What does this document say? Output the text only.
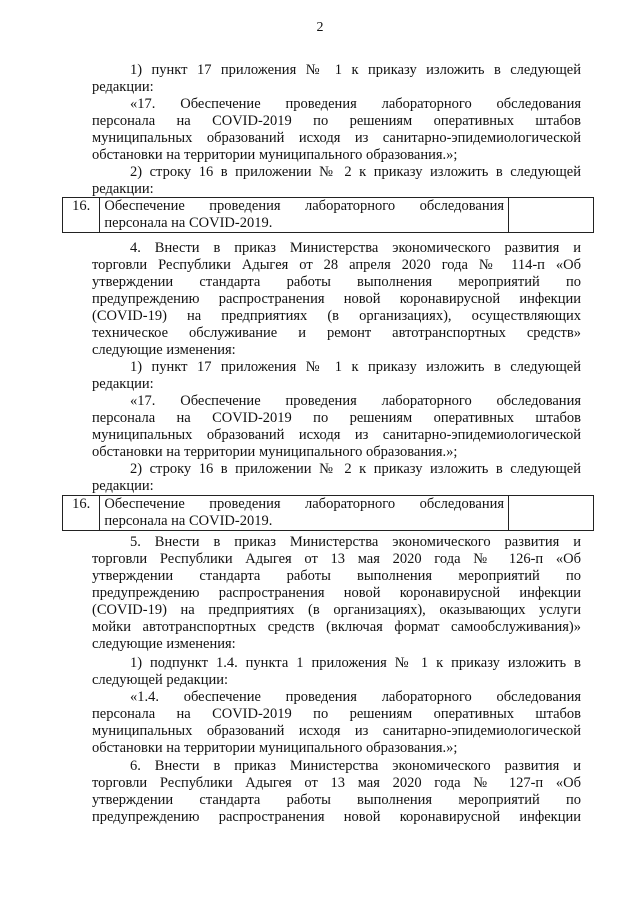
2
1) пункт 17 приложения № 1 к приказу изложить в следующей
редакции:
«17. Обеспечение проведения лабораторного обследования
персонала на COVID-2019 по решениям оперативных штабов
муниципальных образований исходя из санитарно-эпидемиологической
обстановки на территории муниципального образования.»;
2) строку 16 в приложении № 2 к приказу изложить в следующей
редакции:
16.	Обеспечение проведения лабораторного обследования
персонала на COVID-2019.

4. Внести в приказ Министерства экономического развития и
торговли Республики Адыгея от 28 апреля 2020 года № 114-п «Об
утверждении стандарта работы выполнения мероприятий по
предупреждению распространения новой коронавирусной инфекции
(COVID-19) на предприятиях (в организациях), осуществляющих
техническое обслуживание и ремонт автотранспортных средств»
следующие изменения:
1) пункт 17 приложения № 1 к приказу изложить в следующей
редакции:
«17. Обеспечение проведения лабораторного обследования
персонала на COVID-2019 по решениям оперативных штабов
муниципальных образований исходя из санитарно-эпидемиологической
обстановки на территории муниципального образования.»;
2) строку 16 в приложении № 2 к приказу изложить в следующей
редакции:
16.	Обеспечение проведения лабораторного обследования
персонала на COVID-2019.

5. Внести в приказ Министерства экономического развития и
торговли Республики Адыгея от 13 мая 2020 года № 126-п «Об
утверждении стандарта работы выполнения мероприятий по
предупреждению распространения новой коронавирусной инфекции
(COVID-19) на предприятиях (в организациях), оказывающих услуги
мойки автотранспортных средств (включая формат самообслуживания)»
следующие изменения:
1) подпункт 1.4. пункта 1 приложения № 1 к приказу изложить в
следующей редакции:
«1.4. обеспечение проведения лабораторного обследования
персонала на COVID-2019 по решениям оперативных штабов
муниципальных образований исходя из санитарно-эпидемиологической
обстановки на территории муниципального образования.»;
6. Внести в приказ Министерства экономического развития и
торговли Республики Адыгея от 13 мая 2020 года № 127-п «Об
утверждении стандарта работы выполнения мероприятий по
предупреждению распространения новой коронавирусной инфекции
